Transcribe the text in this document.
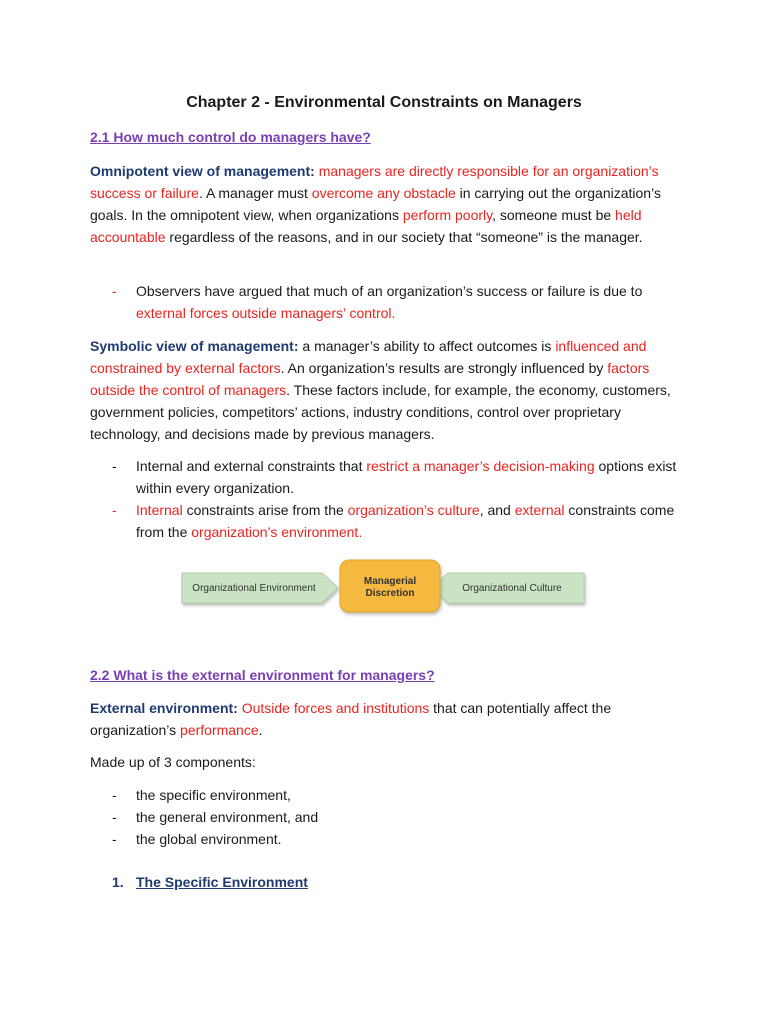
Chapter 2 - Environmental Constraints on Managers
2.1 How much control do managers have?
Omnipotent view of management: managers are directly responsible for an organization’s success or failure. A manager must overcome any obstacle in carrying out the organization’s goals. In the omnipotent view, when organizations perform poorly, someone must be held accountable regardless of the reasons, and in our society that “someone” is the manager.
- Observers have argued that much of an organization’s success or failure is due to external forces outside managers’ control.
Symbolic view of management: a manager’s ability to affect outcomes is influenced and constrained by external factors. An organization’s results are strongly influenced by factors outside the control of managers. These factors include, for example, the economy, customers, government policies, competitors’ actions, industry conditions, control over proprietary technology, and decisions made by previous managers.
- Internal and external constraints that restrict a manager’s decision-making options exist within every organization.
- Internal constraints arise from the organization’s culture, and external constraints come from the organization’s environment.
Organizational Environment	Organizational Culture
Managerial
Discretion
2.2 What is the external environment for managers?
External environment: Outside forces and institutions that can potentially affect the organization’s performance.
Made up of 3 components:
- the specific environment,
- the general environment, and
- the global environment.
1. The Specific Environment
